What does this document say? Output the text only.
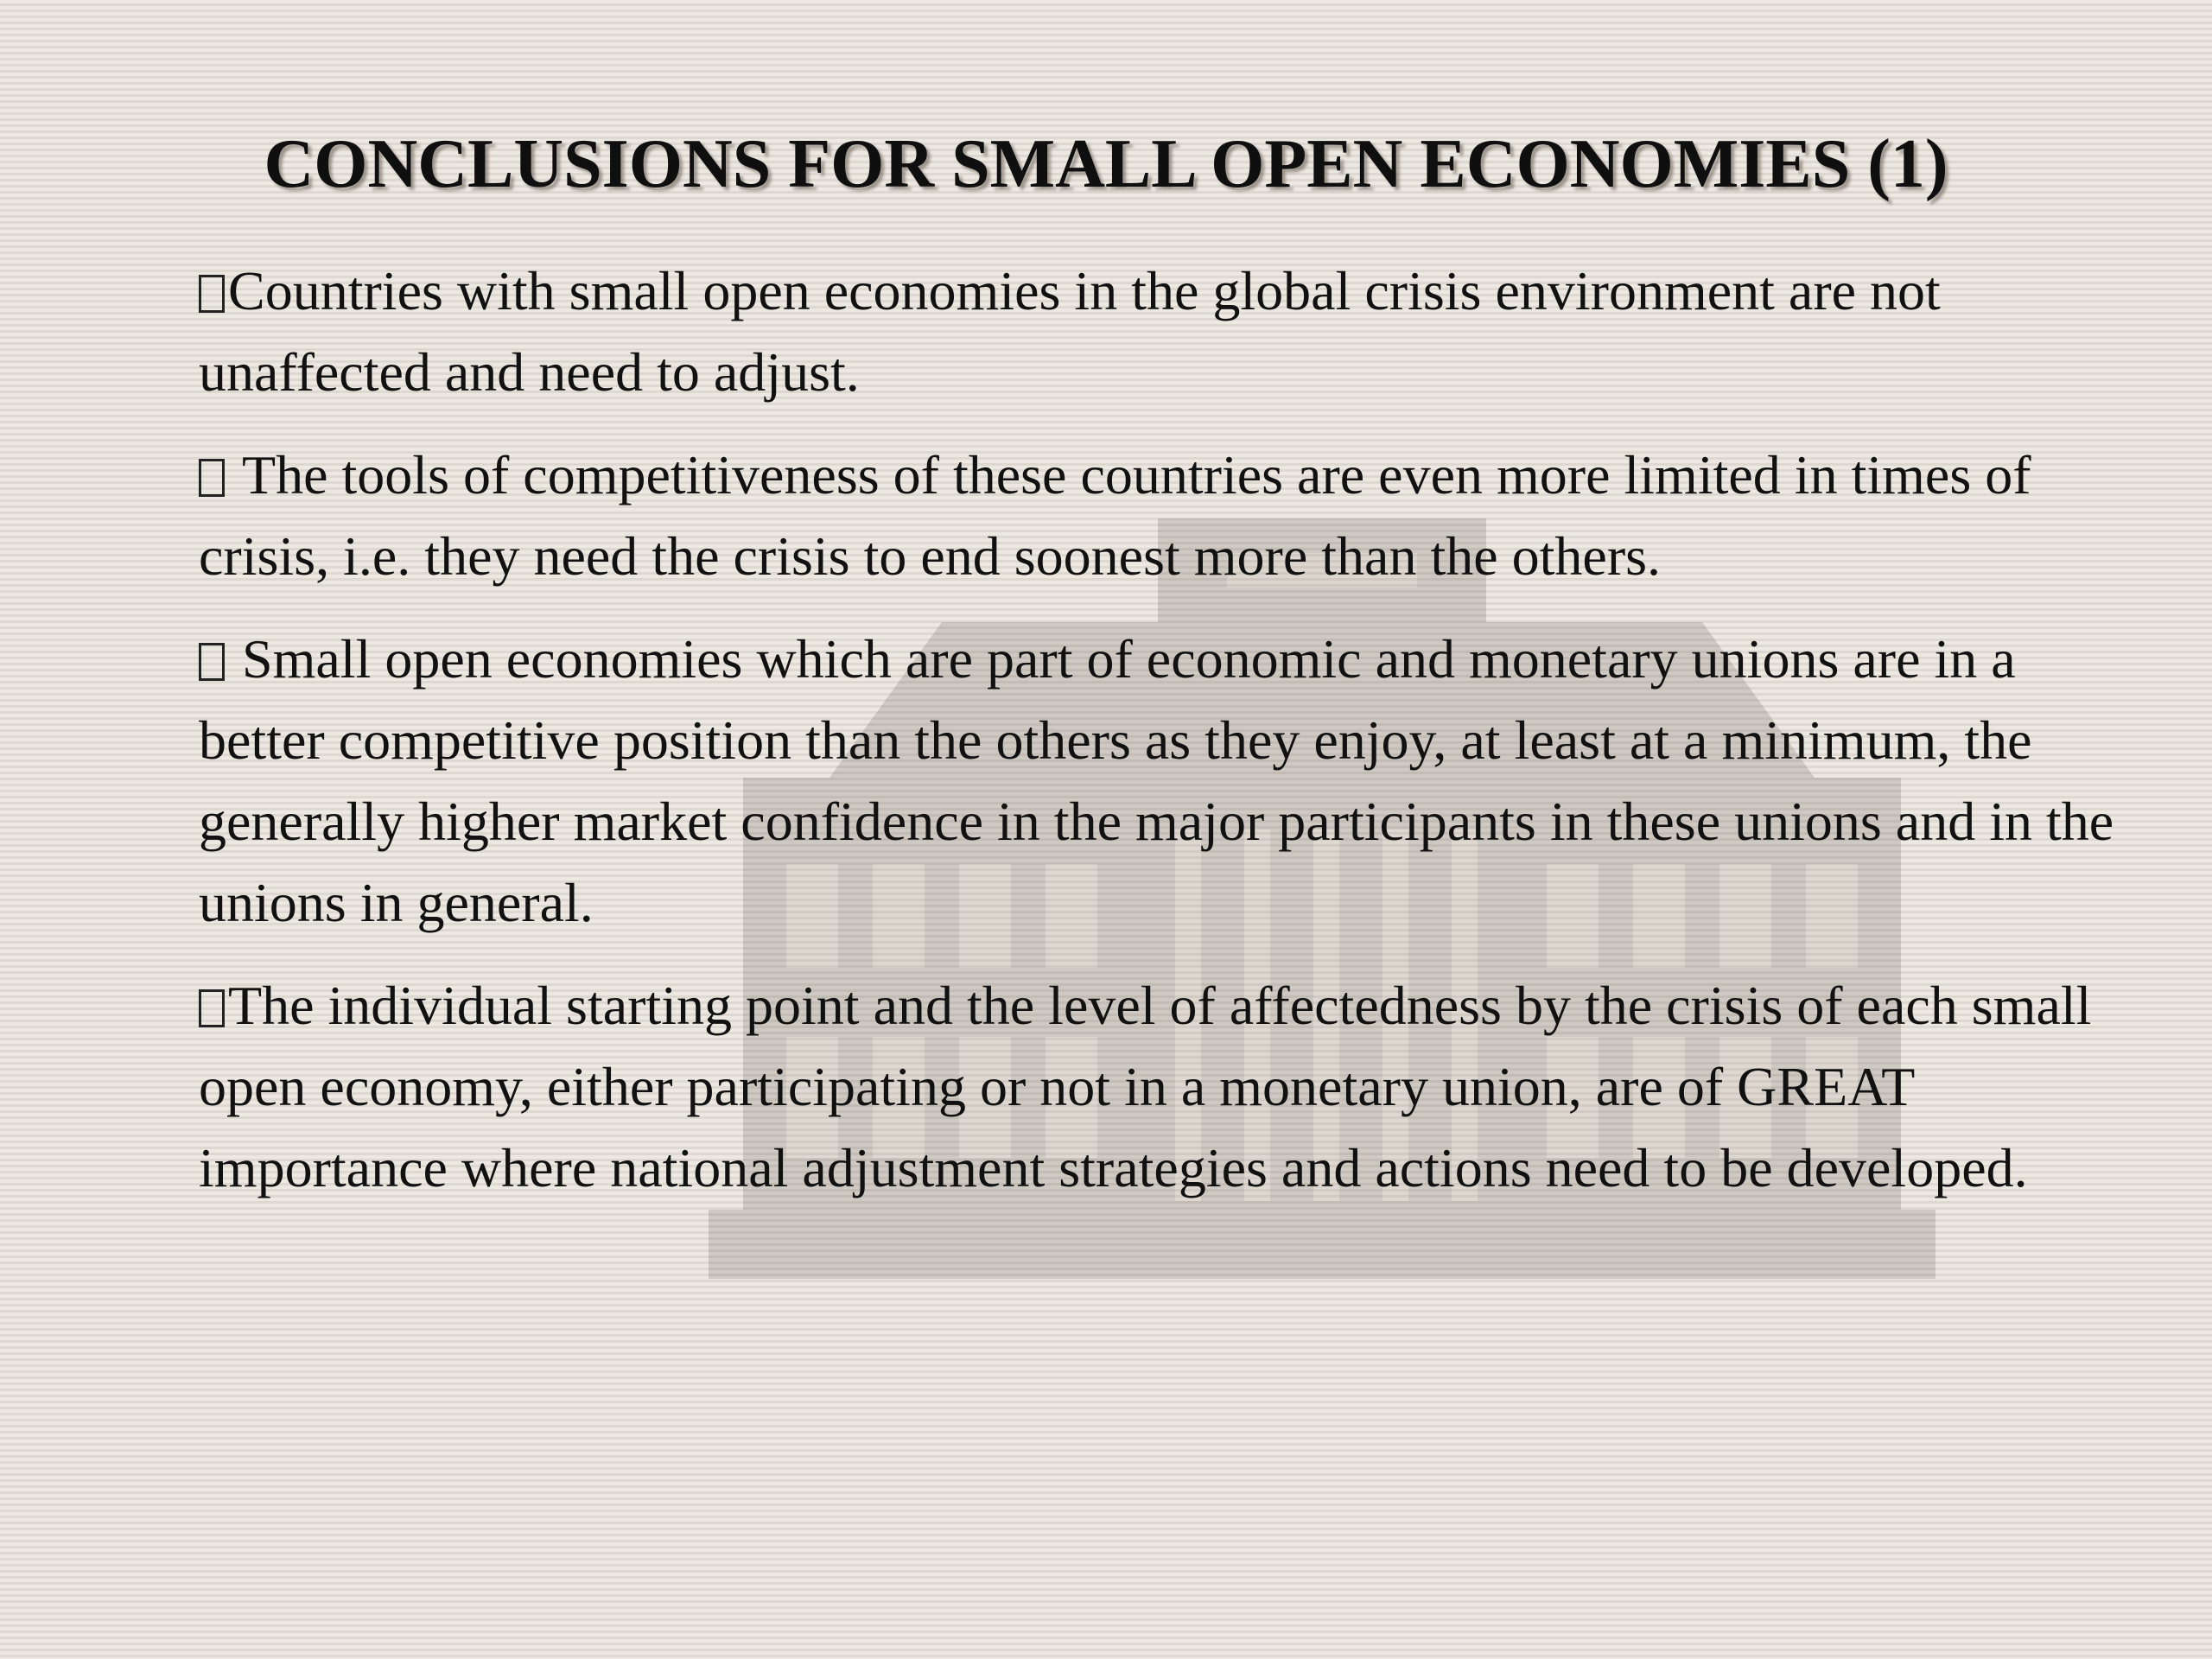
CONCLUSIONS FOR SMALL OPEN ECONOMIES (1)

Countries with small open economies in the global crisis environment are not unaffected and need to adjust.

The tools of competitiveness of these countries are even more limited in times of crisis, i.e. they need the crisis to end soonest more than the others.

Small open economies which are part of economic and monetary unions are in a better competitive position than the others as they enjoy, at least at a minimum, the generally higher market confidence in the major participants in these unions and in the unions in general.

The individual starting point and the level of affectedness by the crisis of each small open economy, either participating or not in a monetary union, are of GREAT importance where national adjustment strategies and actions need to be developed.
